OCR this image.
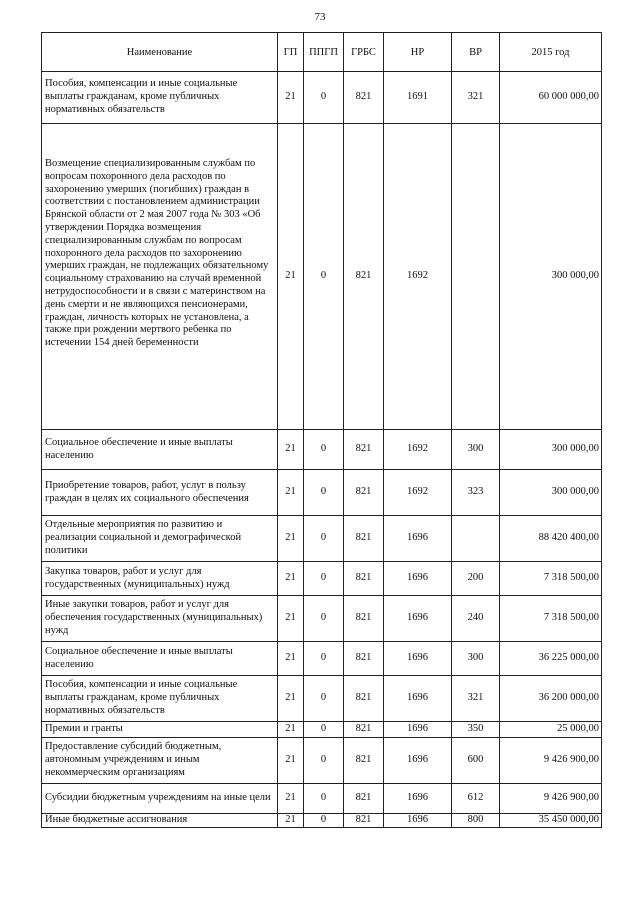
73
Наименование	ГП	ППГП	ГРБС	НР	ВР	2015 год
Пособия, компенсации и иные социальные выплаты гражданам, кроме публичных нормативных обязательств	21	0	821	1691	321	60 000 000,00
Возмещение специализированным службам по вопросам похоронного дела расходов по захоронению умерших (погибших) граждан в соответствии с постановлением администрации Брянской области от 2 мая 2007 года № 303 «Об утверждении Порядка возмещения специализированным службам по вопросам похоронного дела расходов по захоронению умерших граждан, не подлежащих обязательному социальному страхованию на случай временной нетрудоспособности и в связи с материнством на день смерти и не являющихся пенсионерами, граждан, личность которых не установлена, а также при рождении мертвого ребенка по истечении 154 дней беременности	21	0	821	1692		300 000,00
Социальное обеспечение и иные выплаты населению	21	0	821	1692	300	300 000,00
Приобретение товаров, работ, услуг в пользу граждан в целях их социального обеспечения	21	0	821	1692	323	300 000,00
Отдельные мероприятия по развитию и реализации социальной и демографической политики	21	0	821	1696		88 420 400,00
Закупка товаров, работ и услуг для государственных (муниципальных) нужд	21	0	821	1696	200	7 318 500,00
Иные закупки товаров, работ и услуг для обеспечения государственных (муниципальных) нужд	21	0	821	1696	240	7 318 500,00
Социальное обеспечение и иные выплаты населению	21	0	821	1696	300	36 225 000,00
Пособия, компенсации и иные социальные выплаты гражданам, кроме публичных нормативных обязательств	21	0	821	1696	321	36 200 000,00
Премии и гранты	21	0	821	1696	350	25 000,00
Предоставление субсидий бюджетным, автономным учреждениям и иным некоммерческим организациям	21	0	821	1696	600	9 426 900,00
Субсидии бюджетным учреждениям на иные цели	21	0	821	1696	612	9 426 900,00
Иные бюджетные ассигнования	21	0	821	1696	800	35 450 000,00
